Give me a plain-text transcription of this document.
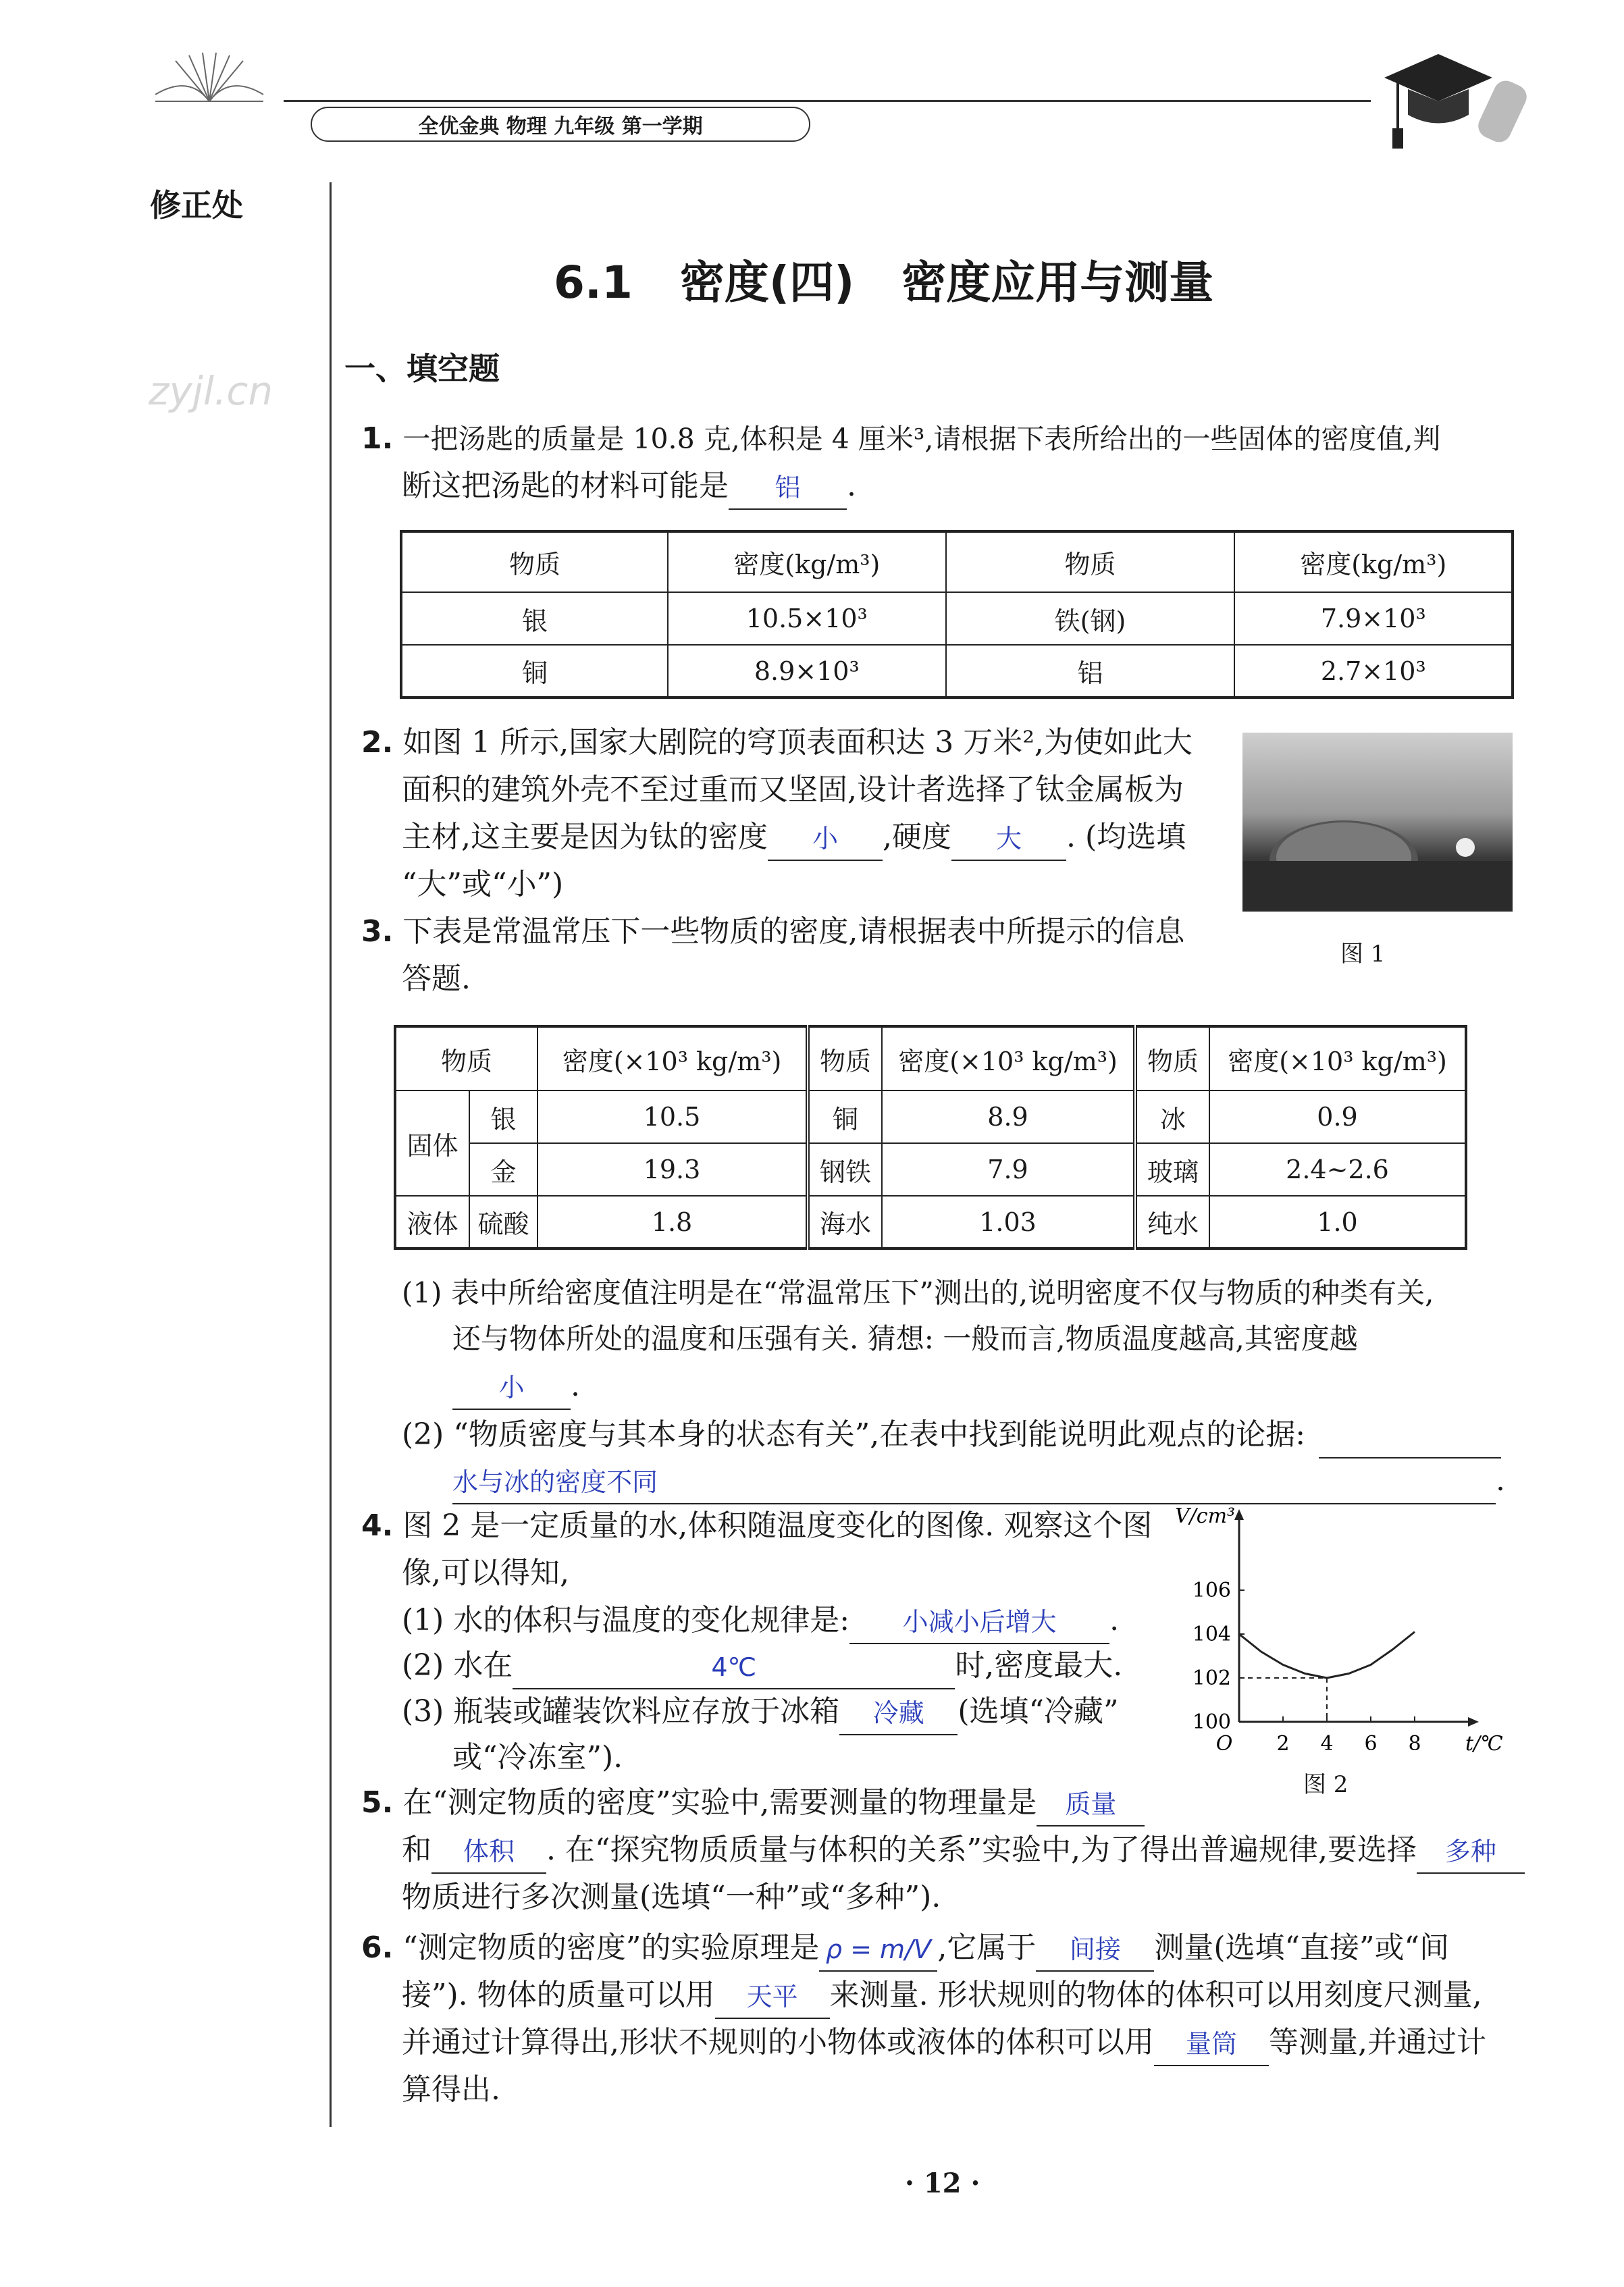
全优金典 物理 九年级 第一学期
修正处
zyjl.cn
6.1 密度(四) 密度应用与测量
一、填空题
1. 一把汤匙的质量是 10.8 克,体积是 4 厘米³,请根据下表所给出的一些固体的密度值,判
断这把汤匙的材料可能是	铝	.
物质	密度(kg/m³)	物质	密度(kg/m³)
银	10.5×10³	铁(钢)	7.9×10³
铜	8.9×10³	铝	2.7×10³
2. 如图 1 所示,国家大剧院的穹顶表面积达 3 万米²,为使如此大
面积的建筑外壳不至过重而又坚固,设计者选择了钛金属板为
主材,这主要是因为钛的密度	小	,硬度	大	. (均选填
“大”或“小”)
图 1
3. 下表是常温常压下一些物质的密度,请根据表中所提示的信息
答题.
物质		密度(×10³ kg/m³)	物质	密度(×10³ kg/m³)	物质	密度(×10³ kg/m³)
固体	银	10.5	铜	8.9	冰	0.9
	金	19.3	钢铁	7.9	玻璃	2.4~2.6
液体	硫酸	1.8	海水	1.03	纯水	1.0
(1) 表中所给密度值注明是在“常温常压下”测出的,说明密度不仅与物质的种类有关,
还与物体所处的温度和压强有关. 猜想: 一般而言,物质温度越高,其密度越
小	.
(2) “物质密度与其本身的状态有关”,在表中找到能说明此观点的论据:
水与冰的密度不同	.
4. 图 2 是一定质量的水,体积随温度变化的图像. 观察这个图
像,可以得知,
(1) 水的体积与温度的变化规律是:	小减小后增大	.
(2) 水在	4℃	时,密度最大.
(3) 瓶装或罐装饮料应存放于冰箱	冷藏	(选填“冷藏”
或“冷冻室”).
V/cm³
t/℃
100
102
104
106
O 2 4 6 8
图 2
5. 在“测定物质的密度”实验中,需要测量的物理量是	质量
和	体积	. 在“探究物质质量与体积的关系”实验中,为了得出普遍规律,要选择	多种
物质进行多次测量(选填“一种”或“多种”).
6. “测定物质的密度”的实验原理是 ρ = m/V ,它属于	间接	测量(选填“直接”或“间
接”). 物体的质量可以用	天平	来测量. 形状规则的物体的体积可以用刻度尺测量,
并通过计算得出,形状不规则的小物体或液体的体积可以用	量筒	等测量,并通过计
算得出.
· 12 ·
